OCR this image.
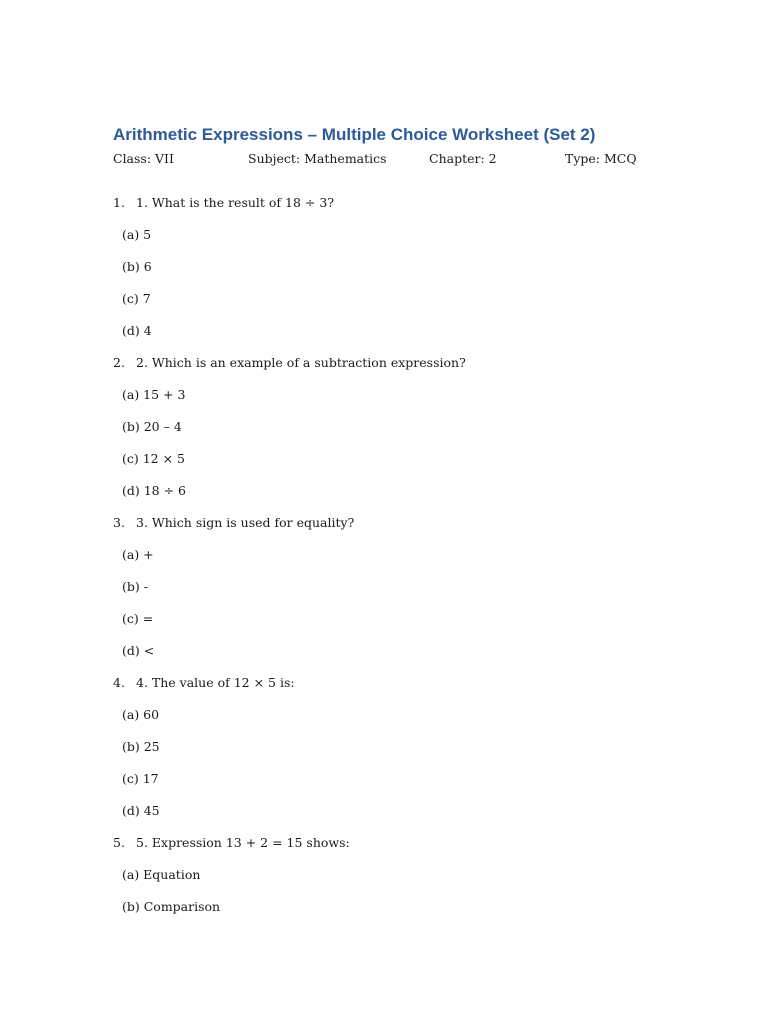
Arithmetic Expressions – Multiple Choice Worksheet (Set 2)
Class: VII	Subject: Mathematics	Chapter: 2	Type: MCQ
1. 1. What is the result of 18 ÷ 3?
(a) 5
(b) 6
(c) 7
(d) 4
2. 2. Which is an example of a subtraction expression?
(a) 15 + 3
(b) 20 – 4
(c) 12 × 5
(d) 18 ÷ 6
3. 3. Which sign is used for equality?
(a) +
(b) -
(c) =
(d) <
4. 4. The value of 12 × 5 is:
(a) 60
(b) 25
(c) 17
(d) 45
5. 5. Expression 13 + 2 = 15 shows:
(a) Equation
(b) Comparison
